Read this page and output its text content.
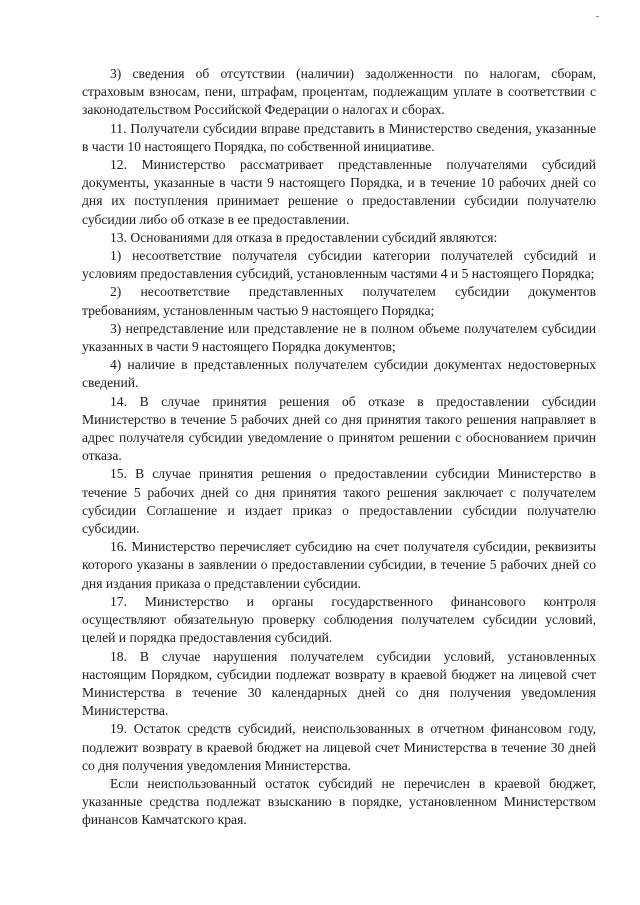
3) сведения об отсутствии (наличии) задолженности по налогам, сборам, страховым взносам, пени, штрафам, процентам, подлежащим уплате в соответствии с законодательством Российской Федерации о налогах и сборах.

11. Получатели субсидии вправе представить в Министерство сведения, указанные в части 10 настоящего Порядка, по собственной инициативе.

12. Министерство рассматривает представленные получателями субсидий документы, указанные в части 9 настоящего Порядка, и в течение 10 рабочих дней со дня их поступления принимает решение о предоставлении субсидии получателю субсидии либо об отказе в ее предоставлении.

13. Основаниями для отказа в предоставлении субсидий являются:

1) несоответствие получателя субсидии категории получателей субсидий и условиям предоставления субсидий, установленным частями 4 и 5 настоящего Порядка;

2) несоответствие представленных получателем субсидии документов требованиям, установленным частью 9 настоящего Порядка;

3) непредставление или представление не в полном объеме получателем субсидии указанных в части 9 настоящего Порядка документов;

4) наличие в представленных получателем субсидии документах недостоверных сведений.

14. В случае принятия решения об отказе в предоставлении субсидии Министерство в течение 5 рабочих дней со дня принятия такого решения направляет в адрес получателя субсидии уведомление о принятом решении с обоснованием причин отказа.

15. В случае принятия решения о предоставлении субсидии Министерство в течение 5 рабочих дней со дня принятия такого решения заключает с получателем субсидии Соглашение и издает приказ о предоставлении субсидии получателю субсидии.

16. Министерство перечисляет субсидию на счет получателя субсидии, реквизиты которого указаны в заявлении о предоставлении субсидии, в течение 5 рабочих дней со дня издания приказа о представлении субсидии.

17. Министерство и органы государственного финансового контроля осуществляют обязательную проверку соблюдения получателем субсидии условий, целей и порядка предоставления субсидий.

18. В случае нарушения получателем субсидии условий, установленных настоящим Порядком, субсидии подлежат возврату в краевой бюджет на лицевой счет Министерства в течение 30 календарных дней со дня получения уведомления Министерства.

19. Остаток средств субсидий, неиспользованных в отчетном финансовом году, подлежит возврату в краевой бюджет на лицевой счет Министерства в течение 30 дней со дня получения уведомления Министерства.

Если неиспользованный остаток субсидий не перечислен в краевой бюджет, указанные средства подлежат взысканию в порядке, установленном Министерством финансов Камчатского края.
